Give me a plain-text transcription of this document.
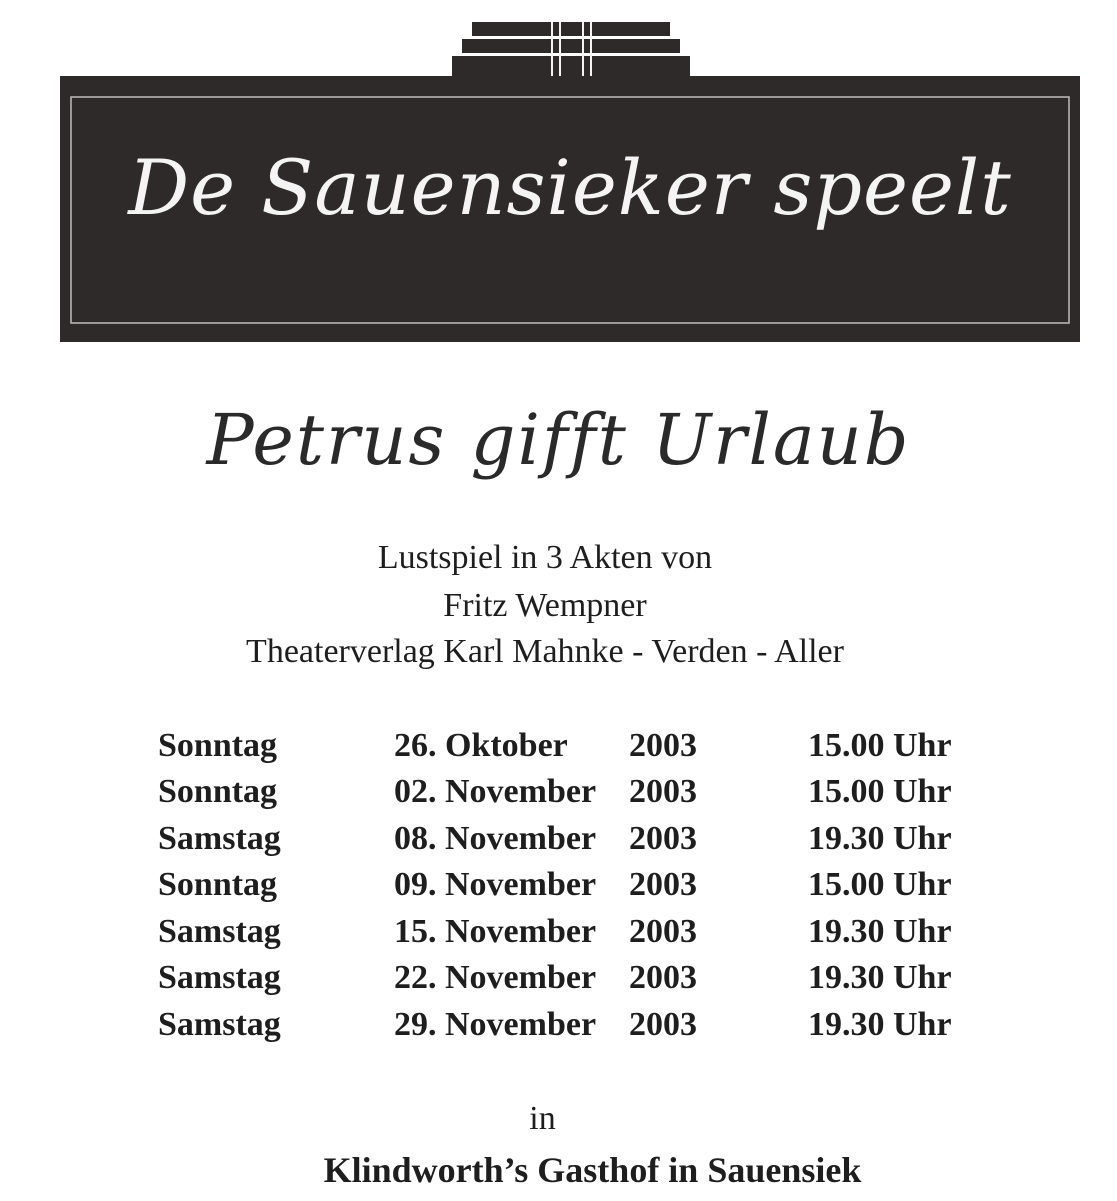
De Sauensieker speelt
Petrus gifft Urlaub
Lustspiel in 3 Akten von
Fritz Wempner
Theaterverlag Karl Mahnke - Verden - Aller
Sonntag	26. Oktober 2003	15.00 Uhr
Sonntag	02. November 2003	15.00 Uhr
Samstag	08. November 2003	19.30 Uhr
Sonntag	09. November 2003	15.00 Uhr
Samstag	15. November 2003	19.30 Uhr
Samstag	22. November 2003	19.30 Uhr
Samstag	29. November 2003	19.30 Uhr
in
Klindworth’s Gasthof in Sauensiek
